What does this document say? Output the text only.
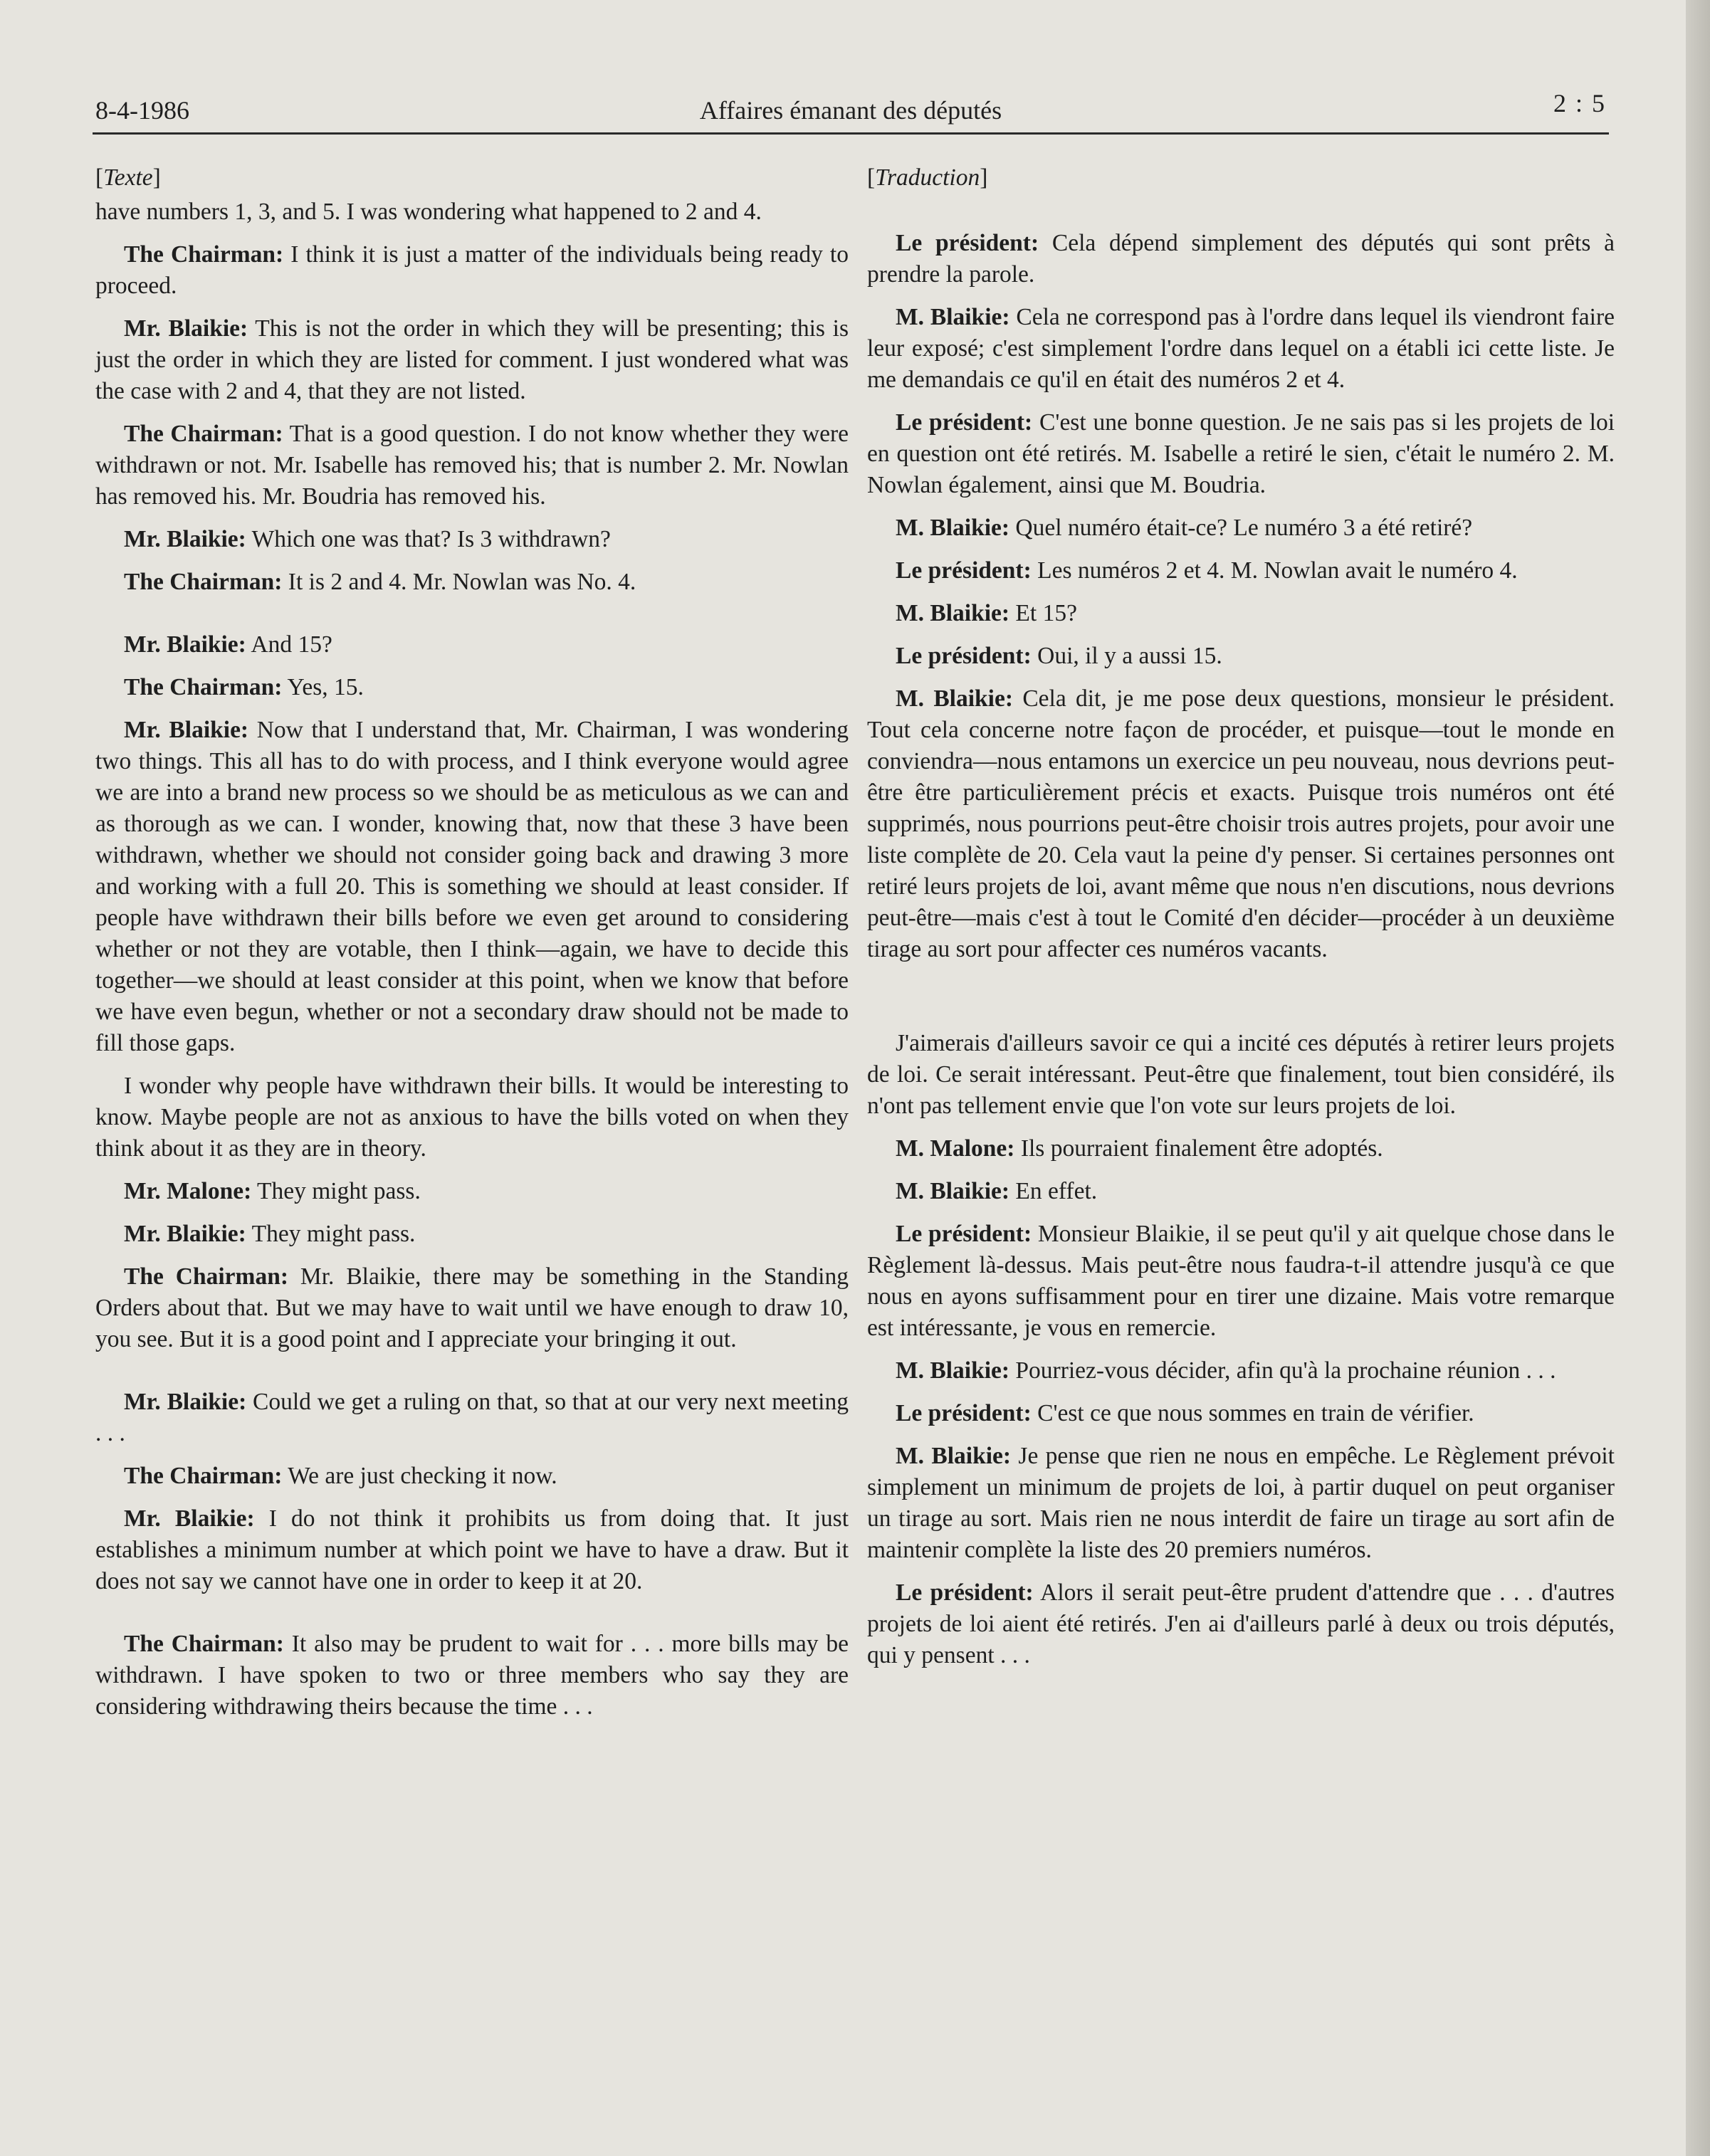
8-4-1986	Affaires émanant des députés	2 : 5

[Texte]

have numbers 1, 3, and 5. I was wondering what happened to 2 and 4.

The Chairman: I think it is just a matter of the individuals being ready to proceed.

Mr. Blaikie: This is not the order in which they will be presenting; this is just the order in which they are listed for comment. I just wondered what was the case with 2 and 4, that they are not listed.

The Chairman: That is a good question. I do not know whether they were withdrawn or not. Mr. Isabelle has removed his; that is number 2. Mr. Nowlan has removed his. Mr. Boudria has removed his.

Mr. Blaikie: Which one was that? Is 3 withdrawn?

The Chairman: It is 2 and 4. Mr. Nowlan was No. 4.

Mr. Blaikie: And 15?

The Chairman: Yes, 15.

Mr. Blaikie: Now that I understand that, Mr. Chairman, I was wondering two things. This all has to do with process, and I think everyone would agree we are into a brand new process so we should be as meticulous as we can and as thorough as we can. I wonder, knowing that, now that these 3 have been withdrawn, whether we should not consider going back and drawing 3 more and working with a full 20. This is something we should at least consider. If people have withdrawn their bills before we even get around to considering whether or not they are votable, then I think—again, we have to decide this together—we should at least consider at this point, when we know that before we have even begun, whether or not a secondary draw should not be made to fill those gaps.

I wonder why people have withdrawn their bills. It would be interesting to know. Maybe people are not as anxious to have the bills voted on when they think about it as they are in theory.

Mr. Malone: They might pass.

Mr. Blaikie: They might pass.

The Chairman: Mr. Blaikie, there may be something in the Standing Orders about that. But we may have to wait until we have enough to draw 10, you see. But it is a good point and I appreciate your bringing it out.

Mr. Blaikie: Could we get a ruling on that, so that at our very next meeting . . .

The Chairman: We are just checking it now.

Mr. Blaikie: I do not think it prohibits us from doing that. It just establishes a minimum number at which point we have to have a draw. But it does not say we cannot have one in order to keep it at 20.

The Chairman: It also may be prudent to wait for . . . more bills may be withdrawn. I have spoken to two or three members who say they are considering withdrawing theirs because the time . . .

[Traduction]

Le président: Cela dépend simplement des députés qui sont prêts à prendre la parole.

M. Blaikie: Cela ne correspond pas à l'ordre dans lequel ils viendront faire leur exposé; c'est simplement l'ordre dans lequel on a établi ici cette liste. Je me demandais ce qu'il en était des numéros 2 et 4.

Le président: C'est une bonne question. Je ne sais pas si les projets de loi en question ont été retirés. M. Isabelle a retiré le sien, c'était le numéro 2. M. Nowlan également, ainsi que M. Boudria.

M. Blaikie: Quel numéro était-ce? Le numéro 3 a été retiré?

Le président: Les numéros 2 et 4. M. Nowlan avait le numéro 4.

M. Blaikie: Et 15?

Le président: Oui, il y a aussi 15.

M. Blaikie: Cela dit, je me pose deux questions, monsieur le président. Tout cela concerne notre façon de procéder, et puisque—tout le monde en conviendra—nous entamons un exercice un peu nouveau, nous devrions peut-être être particulièrement précis et exacts. Puisque trois numéros ont été supprimés, nous pourrions peut-être choisir trois autres projets, pour avoir une liste complète de 20. Cela vaut la peine d'y penser. Si certaines personnes ont retiré leurs projets de loi, avant même que nous n'en discutions, nous devrions peut-être—mais c'est à tout le Comité d'en décider—procéder à un deuxième tirage au sort pour affecter ces numéros vacants.

J'aimerais d'ailleurs savoir ce qui a incité ces députés à retirer leurs projets de loi. Ce serait intéressant. Peut-être que finalement, tout bien considéré, ils n'ont pas tellement envie que l'on vote sur leurs projets de loi.

M. Malone: Ils pourraient finalement être adoptés.

M. Blaikie: En effet.

Le président: Monsieur Blaikie, il se peut qu'il y ait quelque chose dans le Règlement là-dessus. Mais peut-être nous faudra-t-il attendre jusqu'à ce que nous en ayons suffisamment pour en tirer une dizaine. Mais votre remarque est intéressante, je vous en remercie.

M. Blaikie: Pourriez-vous décider, afin qu'à la prochaine réunion . . .

Le président: C'est ce que nous sommes en train de vérifier.

M. Blaikie: Je pense que rien ne nous en empêche. Le Règlement prévoit simplement un minimum de projets de loi, à partir duquel on peut organiser un tirage au sort. Mais rien ne nous interdit de faire un tirage au sort afin de maintenir complète la liste des 20 premiers numéros.

Le président: Alors il serait peut-être prudent d'attendre que . . . d'autres projets de loi aient été retirés. J'en ai d'ailleurs parlé à deux ou trois députés, qui y pensent . . .
